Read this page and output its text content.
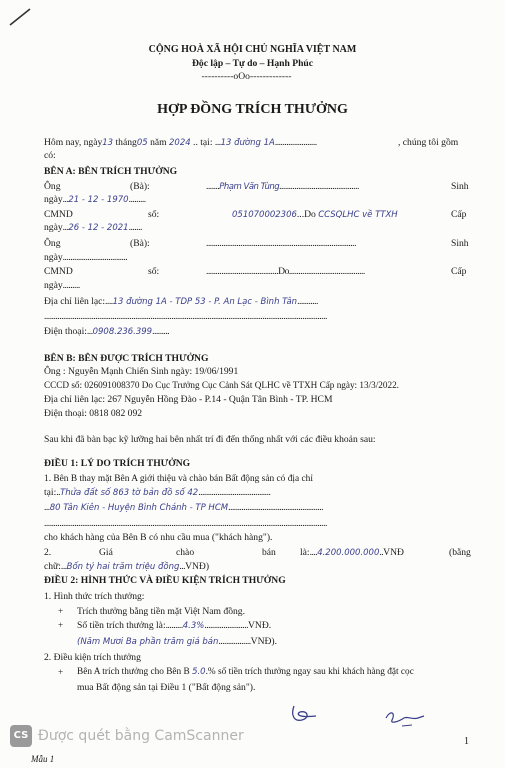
CỘNG HOÀ XÃ HỘI CHỦ NGHĨA VIỆT NAM
Độc lập – Tự do – Hạnh Phúc
----------oOo-------------
HỢP ĐỒNG TRÍCH THƯỞNG
Hôm nay, ngày13 tháng05 năm 2024 .. tại: ...13 đường 1A......................	, chúng tôi gồm
có:
BÊN A: BÊN TRÍCH THƯỞNG
Ông	(Bà):	.......Phạm Văn Tùng..........................................	Sinh
ngày...21 - 12 - 1970.........
CMND	số:	051070002306...Do CCSQLHC về TTXH	Cấp
ngày...26 - 12 - 2021.......
Ông	(Bà):	...............................................................................	Sinh
ngày..................................
CMND	số:	......................................Do........................................	Cấp
ngày.........
Địa chỉ liên lạc:....13 đường 1A - TDP 53 - P. An Lạc - Bình Tân...........
.....................................................................................................................................................
Điện thoại:...0908.236.399.........
BÊN B: BÊN ĐƯỢC TRÍCH THƯỞNG
Ông : Nguyễn Mạnh Chiến Sinh ngày: 19/06/1991
CCCD số: 026091008370 Do Cục Trưởng Cục Cảnh Sát QLHC về TTXH Cấp ngày: 13/3/2022.
Địa chỉ liên lạc: 267 Nguyễn Hồng Đào - P.14 - Quận Tân Bình - TP. HCM
Điện thoại: 0818 082 092
Sau khi đã bàn bạc kỹ lưỡng hai bên nhất trí đi đến thống nhất với các điều khoản sau:
ĐIỀU 1: LÝ DO TRÍCH THƯỞNG
1. Bên B thay mặt Bên A giới thiệu và chào bán Bất động sản có địa chỉ
tại:..Thửa đất số 863 tờ bản đồ số 42......................................
...80 Tân Kiên - Huyện Bình Chánh - TP HCM..................................................
.....................................................................................................................................................
cho khách hàng của Bên B có nhu cầu mua ("khách hàng").
2.	Giá	chào	bán	là:....4.200.000.000..VNĐ	(bằng
chữ:...Bốn tỷ hai trăm triệu đồng...VNĐ)
ĐIỀU 2: HÌNH THỨC VÀ ĐIỀU KIỆN TRÍCH THƯỞNG
1. Hình thức trích thưởng:
+ Trích thưởng bằng tiền mặt Việt Nam đồng.
+ Số tiền trích thưởng là:.........4.3%.......................VNĐ.
(Năm Mươi Ba phần trăm giá bán.................VNĐ).
2. Điều kiện trích thưởng
+ Bên A trích thưởng cho Bên B 5.0.% số tiền trích thưởng ngay sau khi khách hàng đặt cọc
mua Bất động sản tại Điều 1 ("Bất động sản").
CS Được quét bằng CamScanner	1
Mẫu 1
